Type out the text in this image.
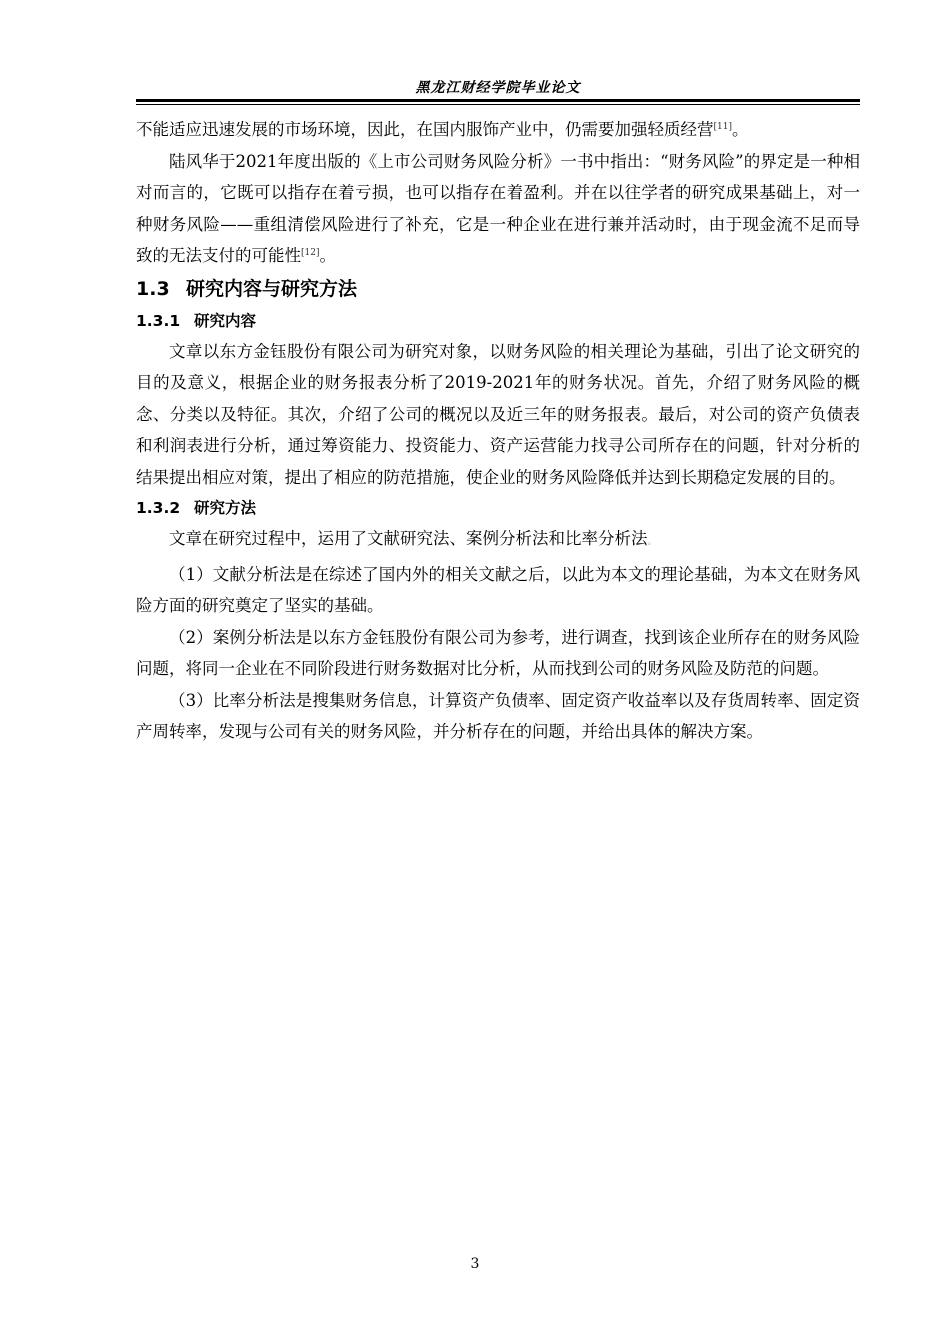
黑龙江财经学院毕业论文

不能适应迅速发展的市场环境，因此，在国内服饰产业中，仍需要加强轻质经营[11]。

陆风华于2021年度出版的《上市公司财务风险分析》一书中指出：“财务风险”的界定是一种相对而言的，它既可以指存在着亏损，也可以指存在着盈利。并在以往学者的研究成果基础上，对一种财务风险——重组清偿风险进行了补充，它是一种企业在进行兼并活动时，由于现金流不足而导致的无法支付的可能性[12]。

1.3 研究内容与研究方法
1.3.1 研究内容

文章以东方金钰股份有限公司为研究对象，以财务风险的相关理论为基础，引出了论文研究的目的及意义，根据企业的财务报表分析了2019-2021年的财务状况。首先，介绍了财务风险的概念、分类以及特征。其次，介绍了公司的概况以及近三年的财务报表。最后，对公司的资产负债表和利润表进行分析，通过筹资能力、投资能力、资产运营能力找寻公司所存在的问题，针对分析的结果提出相应对策，提出了相应的防范措施，使企业的财务风险降低并达到长期稳定发展的目的。

1.3.2 研究方法

文章在研究过程中，运用了文献研究法、案例分析法和比率分析法。

（1）文献分析法是在综述了国内外的相关文献之后，以此为本文的理论基础，为本文在财务风险方面的研究奠定了坚实的基础。

（2）案例分析法是以东方金钰股份有限公司为参考，进行调查，找到该企业所存在的财务风险问题，将同一企业在不同阶段进行财务数据对比分析，从而找到公司的财务风险及防范的问题。

（3）比率分析法是搜集财务信息，计算资产负债率、固定资产收益率以及存货周转率、固定资产周转率，发现与公司有关的财务风险，并分析存在的问题，并给出具体的解决方案。

3
